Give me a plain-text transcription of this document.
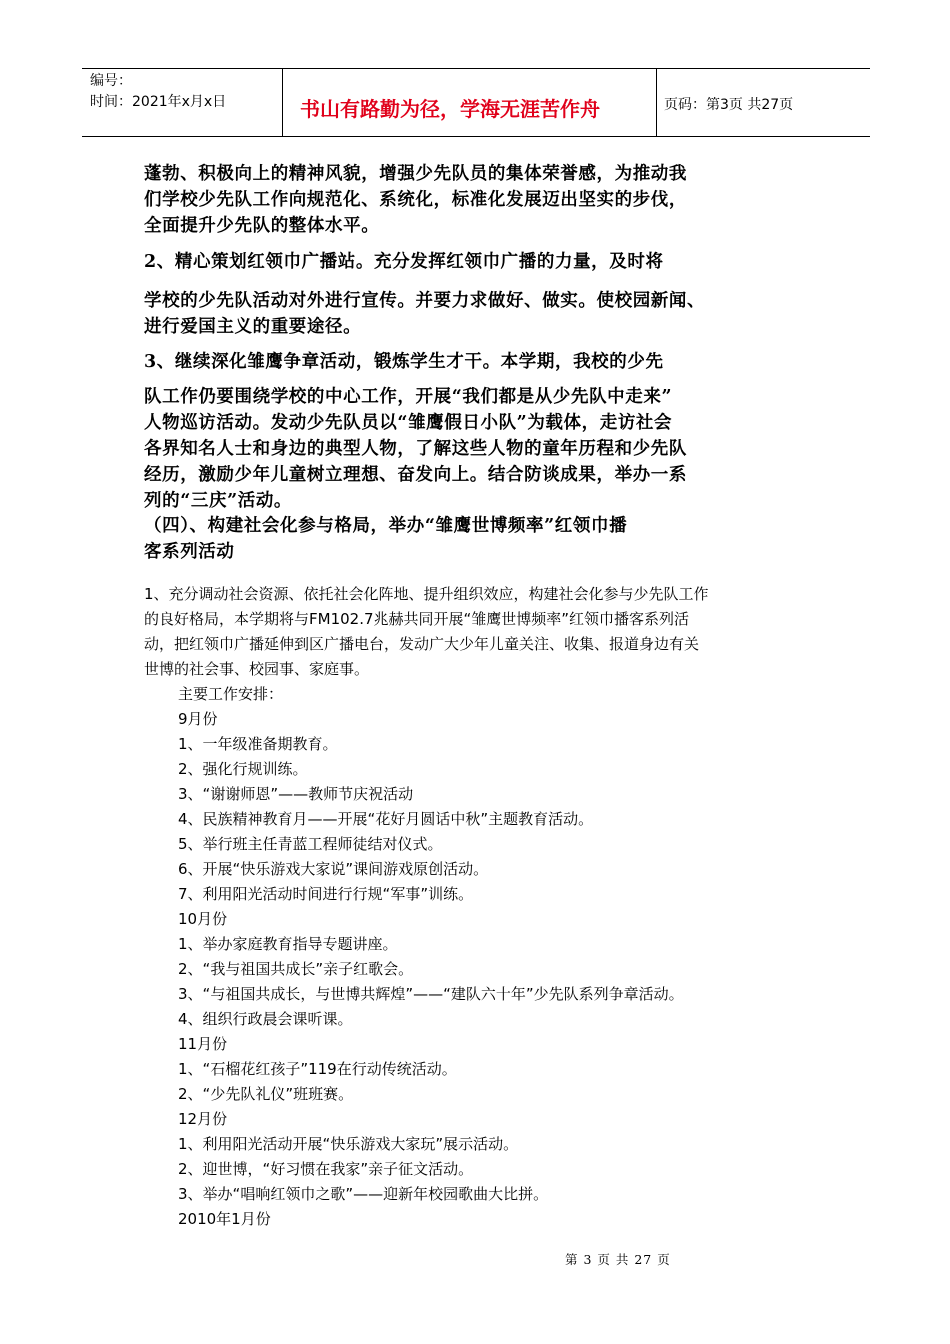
编号：
时间：2021年x月x日	书山有路勤为径，学海无涯苦作舟	页码：第3页 共27页
蓬勃、积极向上的精神风貌，增强少先队员的集体荣誉感，为推动我
们学校少先队工作向规范化、系统化，标准化发展迈出坚实的步伐，
全面提升少先队的整体水平。
2、精心策划红领巾广播站。充分发挥红领巾广播的力量，及时将
学校的少先队活动对外进行宣传。并要力求做好、做实。使校园新闻、
进行爱国主义的重要途径。
3、继续深化雏鹰争章活动，锻炼学生才干。本学期，我校的少先
队工作仍要围绕学校的中心工作，开展“我们都是从少先队中走来”
人物巡访活动。发动少先队员以“雏鹰假日小队”为载体，走访社会
各界知名人士和身边的典型人物，了解这些人物的童年历程和少先队
经历，激励少年儿童树立理想、奋发向上。结合防谈成果，举办一系
列的“三庆”活动。
（四）、构建社会化参与格局，举办“雏鹰世博频率”红领巾播
客系列活动
1、充分调动社会资源、依托社会化阵地、提升组织效应，构建社会化参与少先队工作
的良好格局，本学期将与FM102.7兆赫共同开展“雏鹰世博频率”红领巾播客系列活
动，把红领巾广播延伸到区广播电台，发动广大少年儿童关注、收集、报道身边有关
世博的社会事、校园事、家庭事。
主要工作安排：
9月份
1、一年级准备期教育。
2、强化行规训练。
3、“谢谢师恩”——教师节庆祝活动
4、民族精神教育月——开展“花好月圆话中秋”主题教育活动。
5、举行班主任青蓝工程师徒结对仪式。
6、开展“快乐游戏大家说”课间游戏原创活动。
7、利用阳光活动时间进行行规“军事”训练。
10月份
1、举办家庭教育指导专题讲座。
2、“我与祖国共成长”亲子红歌会。
3、“与祖国共成长，与世博共辉煌”——“建队六十年”少先队系列争章活动。
4、组织行政晨会课听课。
11月份
1、“石榴花红孩子”119在行动传统活动。
2、“少先队礼仪”班班赛。
12月份
1、利用阳光活动开展“快乐游戏大家玩”展示活动。
2、迎世博，“好习惯在我家”亲子征文活动。
3、举办“唱响红领巾之歌”——迎新年校园歌曲大比拼。
2010年1月份
第 3 页 共 27 页
